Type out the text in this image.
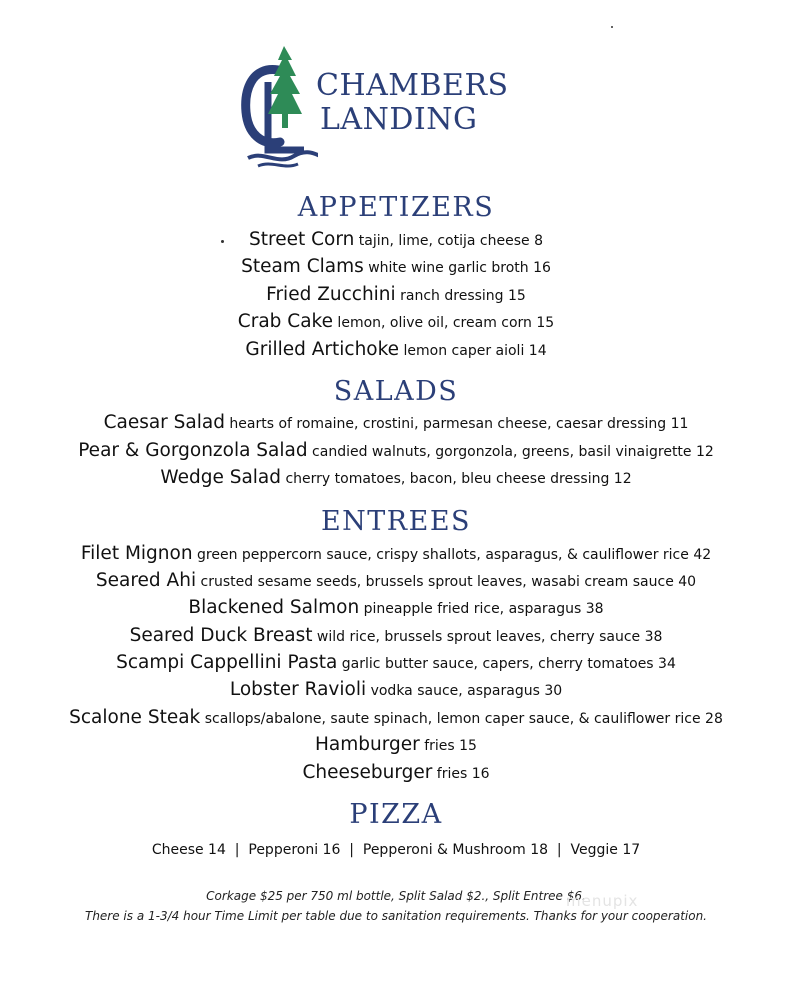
CHAMBERS
LANDING
APPETIZERS
Street Corn tajin, lime, cotija cheese 8
Steam Clams white wine garlic broth 16
Fried Zucchini ranch dressing 15
Crab Cake lemon, olive oil, cream corn 15
Grilled Artichoke lemon caper aioli 14
SALADS
Caesar Salad hearts of romaine, crostini, parmesan cheese, caesar dressing 11
Pear & Gorgonzola Salad candied walnuts, gorgonzola, greens, basil vinaigrette 12
Wedge Salad cherry tomatoes, bacon, bleu cheese dressing 12
ENTREES
Filet Mignon green peppercorn sauce, crispy shallots, asparagus, & cauliflower rice 42
Seared Ahi crusted sesame seeds, brussels sprout leaves, wasabi cream sauce 40
Blackened Salmon pineapple fried rice, asparagus 38
Seared Duck Breast wild rice, brussels sprout leaves, cherry sauce 38
Scampi Cappellini Pasta garlic butter sauce, capers, cherry tomatoes 34
Lobster Ravioli vodka sauce, asparagus 30
Scalone Steak scallops/abalone, saute spinach, lemon caper sauce, & cauliflower rice 28
Hamburger fries 15
Cheeseburger fries 16
PIZZA
Cheese 14  |  Pepperoni 16  |  Pepperoni & Mushroom 18  |  Veggie 17
Corkage $25 per 750 ml bottle, Split Salad $2., Split Entree $6.
There is a 1-3/4 hour Time Limit per table due to sanitation requirements. Thanks for your cooperation.
menupix
